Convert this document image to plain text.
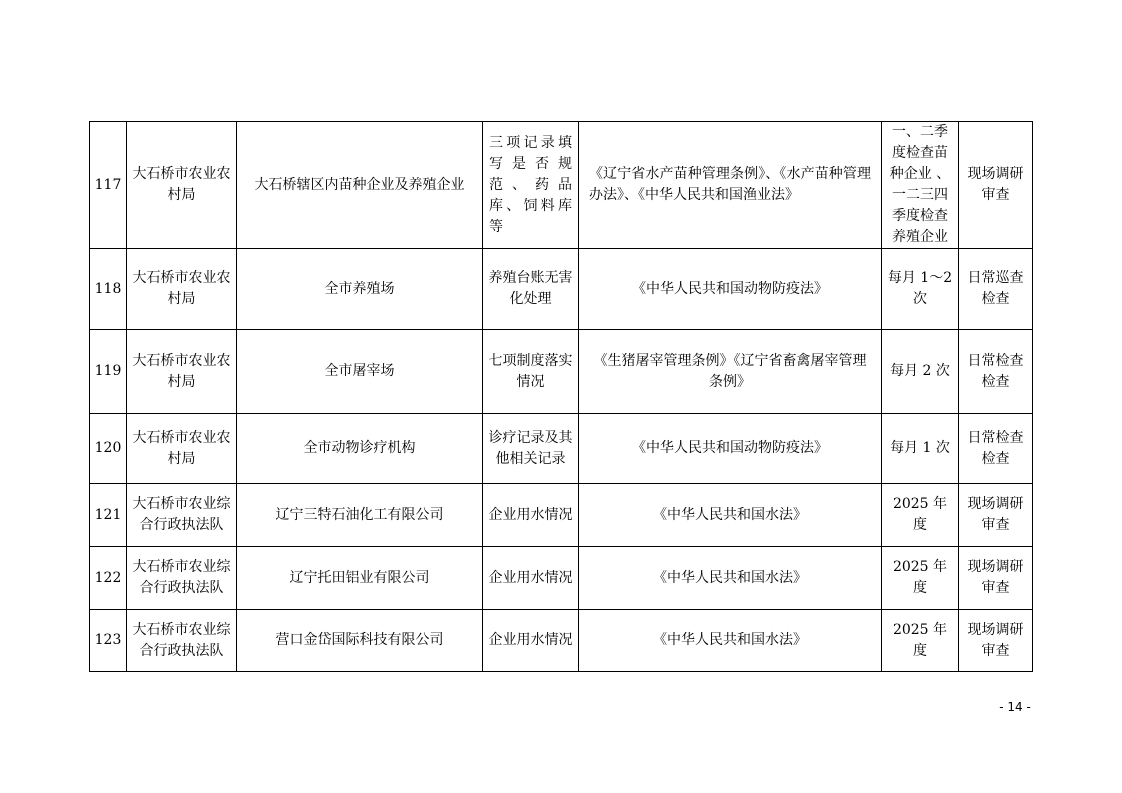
117	大石桥市农业农村局	大石桥辖区内苗种企业及养殖企业	三项记录填写是否规范、药品库、饲料库等	《辽宁省水产苗种管理条例》、《水产苗种管理办法》、《中华人民共和国渔业法》	一、二季度检查苗种企业 、一二三四季度检查养殖企业	现场调研审查
118	大石桥市农业农村局	全市养殖场	养殖台账无害化处理	《中华人民共和国动物防疫法》	每月 1～2 次	日常巡查检查
119	大石桥市农业农村局	全市屠宰场	七项制度落实情况	《生猪屠宰管理条例》《辽宁省畜禽屠宰管理条例》	每月 2 次	日常检查检查
120	大石桥市农业农村局	全市动物诊疗机构	诊疗记录及其他相关记录	《中华人民共和国动物防疫法》	每月 1 次	日常检查检查
121	大石桥市农业综合行政执法队	辽宁三特石油化工有限公司	企业用水情况	《中华人民共和国水法》	2025 年度	现场调研审查
122	大石桥市农业综合行政执法队	辽宁托田铝业有限公司	企业用水情况	《中华人民共和国水法》	2025 年度	现场调研审查
123	大石桥市农业综合行政执法队	营口金岱国际科技有限公司	企业用水情况	《中华人民共和国水法》	2025 年度	现场调研审查
- 14 -
